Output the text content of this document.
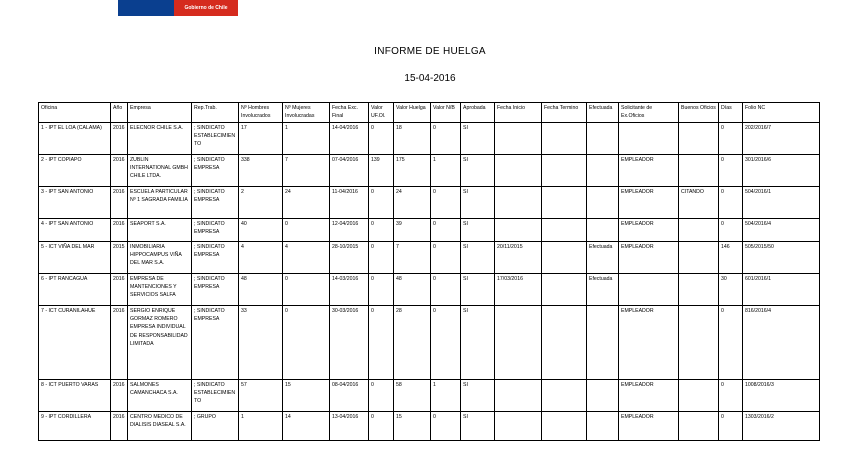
Gobierno de Chile
INFORME DE HUELGA
15-04-2016
Oficina	Año	Empresa	Rep.Trab.	Nº Hombres Involucrados	Nº Mujeres Involucradas	Fecha Exc. Final	Valor UF.Ol.	Valor Huelga	Valor N/B	Aprobada	Fecha Inicio	Fecha Termino	Efectuada	Solicitante de Ex.Oficios	Buenos Oficios	Días	Folio NC
1 - IPT EL LOA (CALAMA)	2016	ELECNOR CHILE S.A.	; SINDICATO ESTABLECIMIENTO	17	1	14-04/2016	0	18	0	SI						0	202/2016/7
2 - IPT COPIAPO	2016	ZUBLIN INTERNATIONAL GMBH CHILE LTDA.	; SINDICATO EMPRESA	338	7	07-04/2016	139	175	1	SI				EMPLEADOR		0	301/2016/6
3 - IPT SAN ANTONIO	2016	ESCUELA PARTICULAR Nº 1 SAGRADA FAMILIA	; SINDICATO EMPRESA	2	24	11-04/2016	0	24	0	SI				EMPLEADOR	CITANDO	0	504/2016/1
4 - IPT SAN ANTONIO	2016	SEAPORT S.A.	; SINDICATO EMPRESA	40	0	12-04/2016	0	39	0	SI				EMPLEADOR		0	504/2016/4
5 - ICT VIÑA DEL MAR	2015	INMOBILIARIA HIPPOCAMPUS VIÑA DEL MAR S.A.	; SINDICATO EMPRESA	4	4	28-10/2015	0	7	0	SI	20/11/2015		Efectuada	EMPLEADOR		146	505/2015/50
6 - IPT RANCAGUA	2016	EMPRESA DE MANTENCIONES Y SERVICIOS SALFA	; SINDICATO EMPRESA	48	0	14-03/2016	0	48	0	SI	17/03/2016		Efectuada			30	601/2016/1
7 - ICT CURANILAHUE	2016	SERGIO ENRIQUE GORMAZ ROMERO EMPRESA INDIVIDUAL DE RESPONSABILIDAD LIMITADA	; SINDICATO EMPRESA	33	0	30-03/2016	0	28	0	SI				EMPLEADOR		0	816/2016/4
8 - ICT PUERTO VARAS	2016	SALMONES CAMANCHACA S.A.	; SINDICATO ESTABLECIMIENTO	57	15	08-04/2016	0	58	1	SI				EMPLEADOR		0	1008/2016/3
9 - IPT CORDILLERA	2016	CENTRO MEDICO DE DIALISIS DIASEAL S.A.	; GRUPO	1	14	13-04/2016	0	15	0	SI				EMPLEADOR		0	1303/2016/2
